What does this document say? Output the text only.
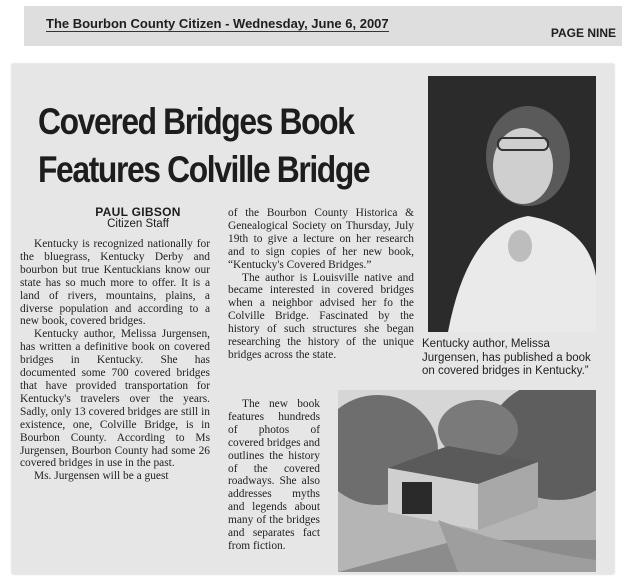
The Bourbon County Citizen - Wednesday, June 6, 2007
PAGE NINE
Covered Bridges Book
Features Colville Bridge
PAUL GIBSON
Citizen Staff

Kentucky is recognized nationally for the bluegrass, Kentucky Derby and bourbon but true Kentuckians know our state has so much more to offer. It is a land of rivers, mountains, plains, a diverse population and according to a new book, covered bridges.

Kentucky author, Melissa Jurgensen, has written a definitive book on covered bridges in Kentucky. She has documented some 700 covered bridges that have provided transportation for Kentucky's travelers over the years. Sadly, only 13 covered bridges are still in existence, one, Colville Bridge, is in Bourbon County. According to Ms Jurgensen, Bourbon County had some 26 covered bridges in use in the past.

Ms. Jurgensen will be a guest

of the Bourbon County Historica & Genealogical Society on Thursday, July 19th to give a lecture on her research and to sign copies of her new book, “Kentucky's Covered Bridges.”

The author is Louisville native and became interested in covered bridges when a neighbor advised her fo the Colville Bridge. Fascinated by the history of such structures she began researching the history of the unique bridges across the state.

The new book features hundreds of photos of covered bridges and outlines the history of the covered roadways. She also addresses myths and legends about many of the bridges and separates fact from fiction.

Kentucky author, Melissa Jurgensen, has published a book on covered bridges in Kentucky.”
